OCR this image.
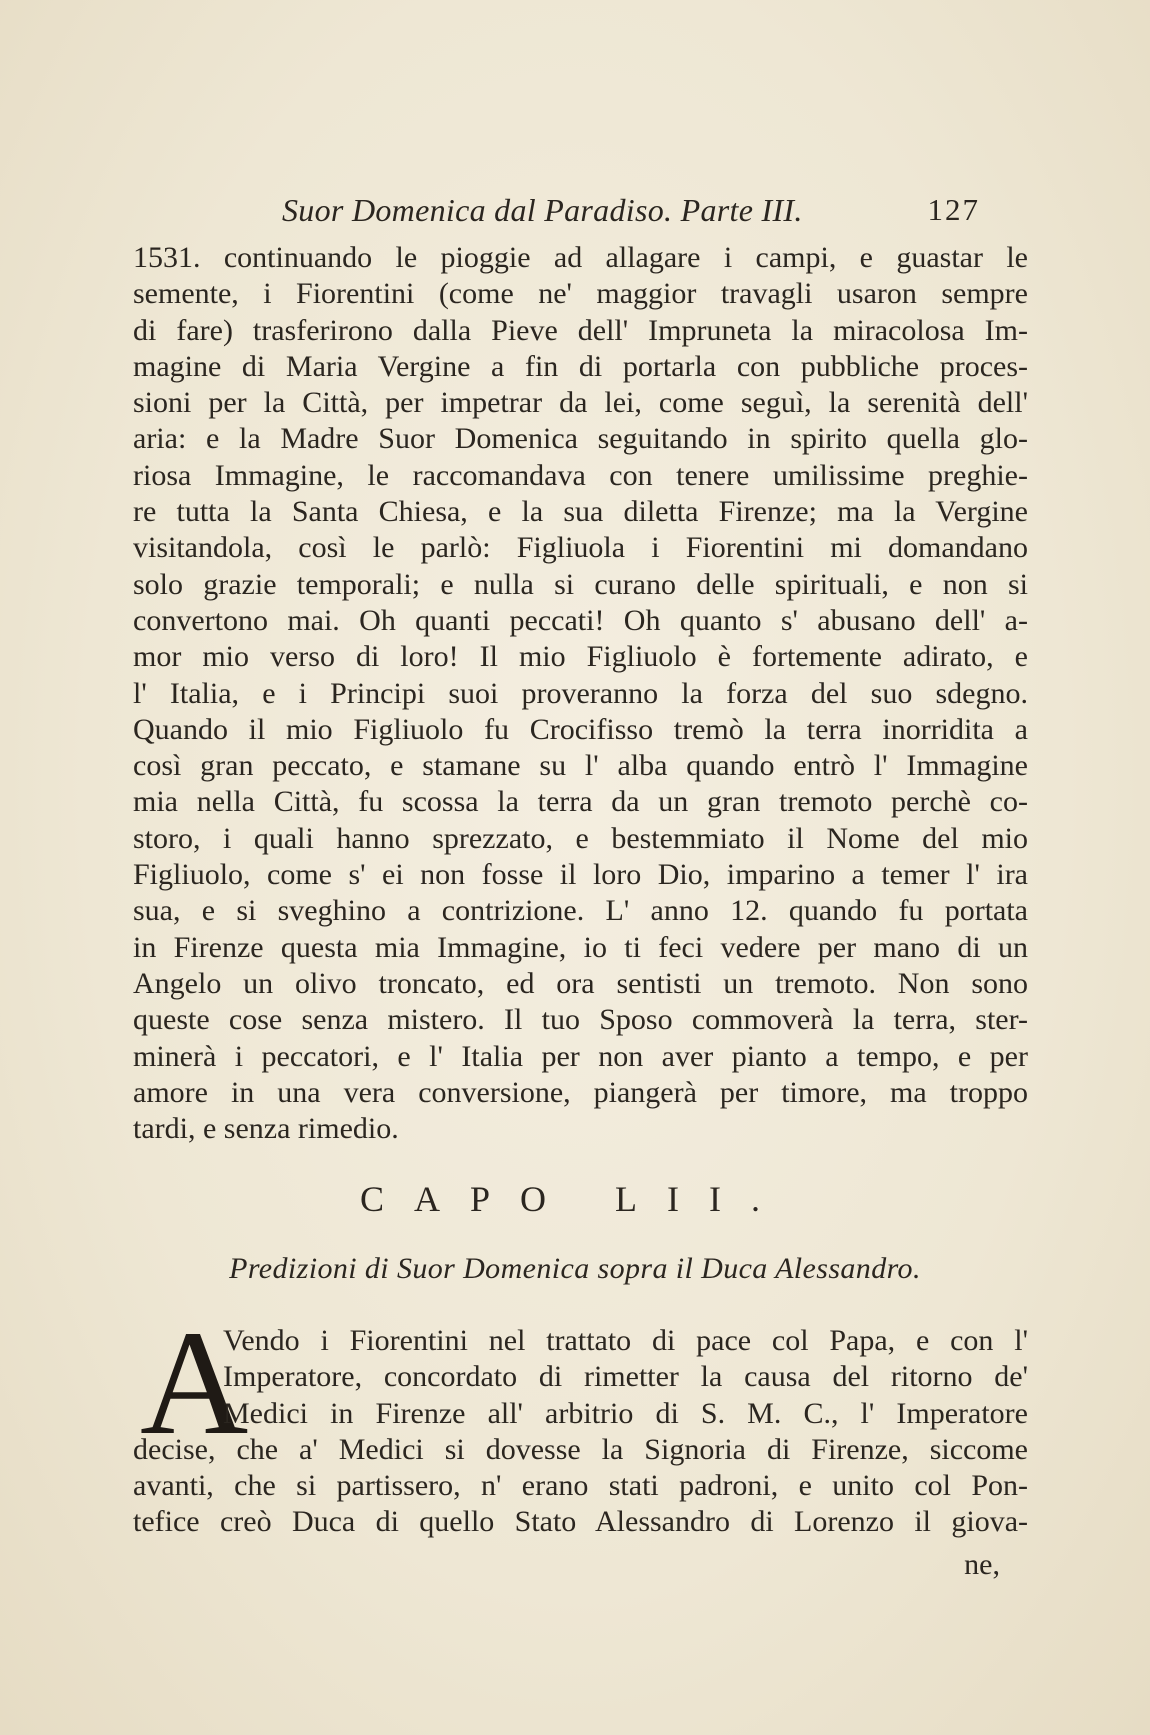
Suor Domenica dal Paradiso. Parte III.	127
1531. continuando le pioggie ad allagare i campi, e guastar le
semente, i Fiorentini (come ne' maggior travagli usaron sempre
di fare) trasferirono dalla Pieve dell' Impruneta la miracolosa Im-
magine di Maria Vergine a fin di portarla con pubbliche proces-
sioni per la Città, per impetrar da lei, come seguì, la serenità dell'
aria: e la Madre Suor Domenica seguitando in spirito quella glo-
riosa Immagine, le raccomandava con tenere umilissime preghie-
re tutta la Santa Chiesa, e la sua diletta Firenze; ma la Vergine
visitandola, così le parlò: Figliuola i Fiorentini mi domandano
solo grazie temporali; e nulla si curano delle spirituali, e non si
convertono mai. Oh quanti peccati! Oh quanto s' abusano dell' a-
mor mio verso di loro! Il mio Figliuolo è fortemente adirato, e
l' Italia, e i Principi suoi proveranno la forza del suo sdegno.
Quando il mio Figliuolo fu Crocifisso tremò la terra inorridita a
così gran peccato, e stamane su l' alba quando entrò l' Immagine
mia nella Città, fu scossa la terra da un gran tremoto perchè co-
storo, i quali hanno sprezzato, e bestemmiato il Nome del mio
Figliuolo, come s' ei non fosse il loro Dio, imparino a temer l' ira
sua, e si sveghino a contrizione. L' anno 12. quando fu portata
in Firenze questa mia Immagine, io ti feci vedere per mano di un
Angelo un olivo troncato, ed ora sentisti un tremoto. Non sono
queste cose senza mistero. Il tuo Sposo commoverà la terra, ster-
minerà i peccatori, e l' Italia per non aver pianto a tempo, e per
amore in una vera conversione, piangerà per timore, ma troppo
tardi, e senza rimedio.
CAPO LII.
Predizioni di Suor Domenica sopra il Duca Alessandro.
A
Vendo i Fiorentini nel trattato di pace col Papa, e con l'
Imperatore, concordato di rimetter la causa del ritorno de'
Medici in Firenze all' arbitrio di S. M. C., l' Imperatore
decise, che a' Medici si dovesse la Signoria di Firenze, siccome
avanti, che si partissero, n' erano stati padroni, e unito col Pon-
tefice creò Duca di quello Stato Alessandro di Lorenzo il giova-
ne,
